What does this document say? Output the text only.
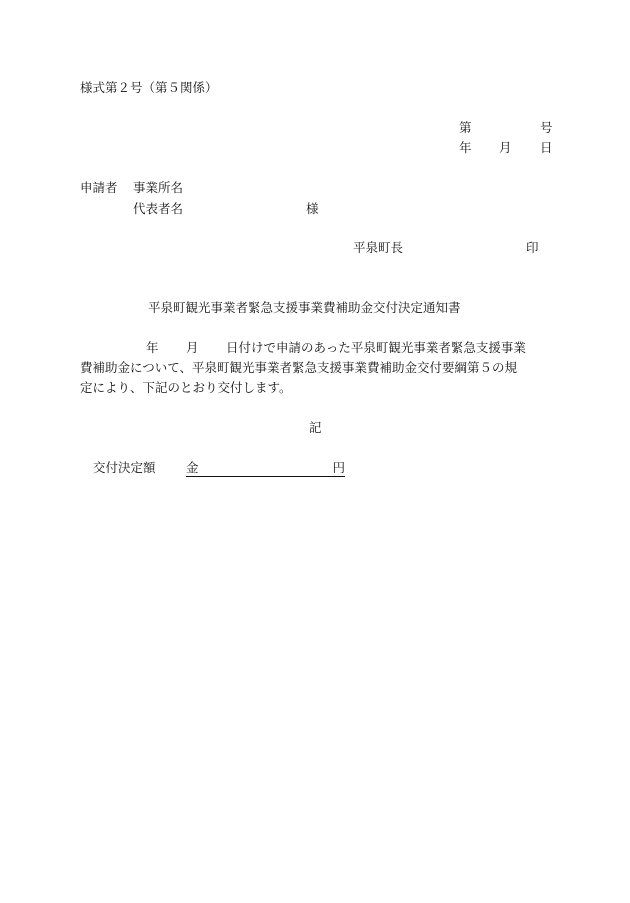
様式第２号（第５関係）
第	号
年 月 日
申請者 事業所名
代表者名	様
平泉町長	印
平泉町観光事業者緊急支援事業費補助金交付決定通知書
年 月 日付けで申請のあった平泉町観光事業者緊急支援事業
費補助金について、平泉町観光事業者緊急支援事業費補助金交付要綱第５の規
定により、下記のとおり交付します。
記
交付決定額 金	円
